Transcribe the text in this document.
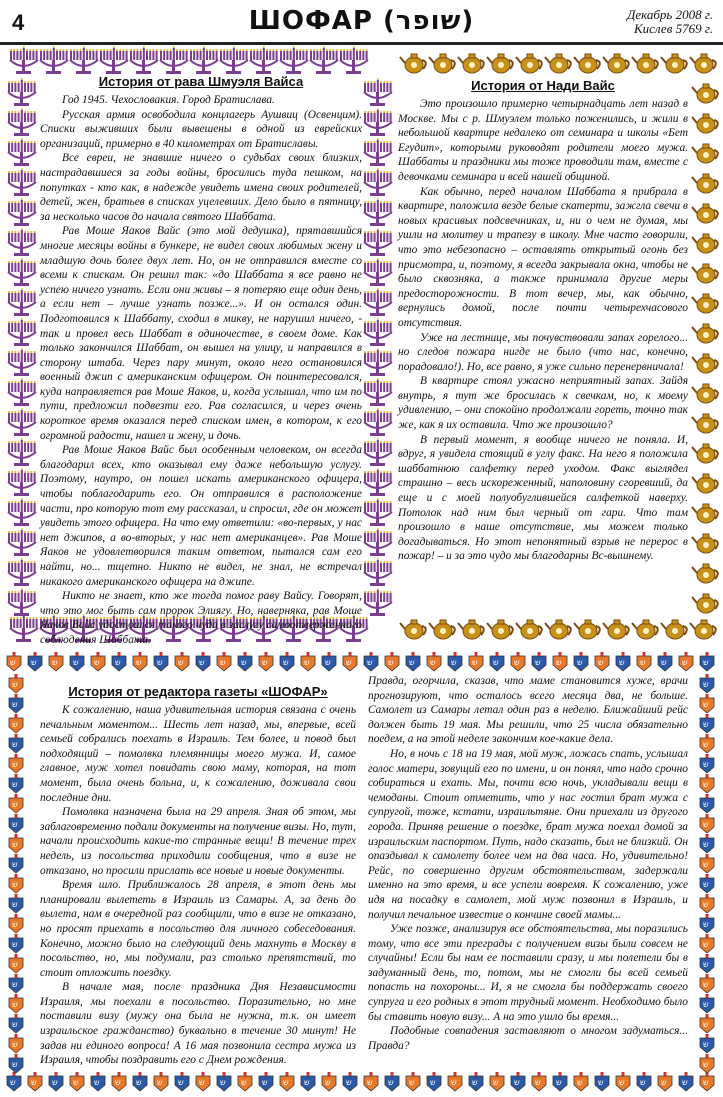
4	ШОФАР (שופר)	Декабрь 2008 г.
Кислев 5769 г.
ש ש ש ש ש ש ש ש ש ש ש ש ש ש ש ש ש ש ש ש ש ש ש ש ש ש ש ש ש ש ש ש ש ש
ש ש ש ש ש ש ש ש ש ש ש ש ש ש ש ש ש ש ש ש ש ש ש ש ש ש ש ש ש ש ש ש ש ש
ש
ש
ש
ש
ש
ש
ש
ש
ש
ש
ש
ש
ש
ש
ש
ש
ש
ש
ש
ש
ש
ש
ש
ש
ש
ש
ש
ש
ש
ש
ש
ש
ש
ש
ש
ש
ש
ש
ש
ש
История от рава Шмуэля Вайса

Год 1945. Чехословакия. Город Братислава.

Русская армия освободила концлагерь Аушвиц (Освенцим). Списки выживших были вывешены в одной из еврейских организаций, примерно в 40 километрах от Братиславы.

Все евреи, не знавшие ничего о судьбах своих близких, настрадавшиеся за годы войны, бросились туда пешком, на попутках - кто как, в надежде увидеть имена своих родителей, детей, жен, братьев в списках уцелевших. Дело было в пятницу, за несколько часов до начала святого Шаббата.

Рав Моше Яаков Вайс (это мой дедушка), прятавшийся многие месяцы войны в бункере, не видел своих любимых жену и младшую дочь более двух лет. Но, он не отправился вместе со всеми к спискам. Он решил так: «до Шаббата я все равно не успею ничего узнать. Если они живы – я потеряю еще один день, а если нет – лучше узнать позже...». И он остался один. Подготовился к Шаббату, сходил в микву, не нарушил ничего, - так и провел весь Шаббат в одиночестве, в своем доме. Как только закончился Шаббат, он вышел на улицу, и направился в сторону штаба. Через пару минут, около него остановился военный джип с американским офицером. Он поинтересовался, куда направляется рав Моше Яаков, и, когда услышал, что им по пути, предложил подвезти его. Рав согласился, и через очень короткое время оказался перед списком имен, в котором, к его огромной радости, нашел и жену, и дочь.

Рав Моше Яаков Вайс был особенным человеком, он всегда благодарил всех, кто оказывал ему даже небольшую услугу. Поэтому, наутро, он пошел искать американского офицера, чтобы поблагодарить его. Он отправился в расположение части, про которую тот ему рассказал, и спросил, где он может увидеть этого офицера. На что ему ответили: «во-первых, у нас нет джипов, а во-вторых, у нас нет американцев». Рав Моше Яаков не удовлетворился таким ответом, пытался сам его найти, но... тщетно. Никто не видел, не знал, не встречал никакого американского офицера на джипе.

Никто не знает, кто же тогда помог раву Вайсу. Говорят, что это мог быть сам пророк Элиягу. Но, наверняка, рав Моше Яаков Вайс удостоился такого чуда в заслугу самоотверженного соблюдения Шаббата.

История от Нади Вайс

Это произошло примерно четырнадцать лет назад в Москве. Мы с р. Шмуэлем только поженились, и жили в небольшой квартире недалеко от семинара и школы «Бет Егудит», которыми руководят родители моего мужа. Шаббаты и праздники мы тоже проводили там, вместе с девочками семинара и всей нашей общиной.

Как обычно, перед началом Шаббата я прибрала в квартире, положила везде белые скатерти, зажгла свечи в новых красивых подсвечниках, и, ни о чем не думая, мы ушли на молитву и трапезу в школу. Мне часто говорили, что это небезопасно – оставлять открытый огонь без присмотра, и, поэтому, я всегда закрывала окна, чтобы не было сквозняка, а также принимала другие меры предосторожности. В тот вечер, мы, как обычно, вернулись домой, после почти четырехчасового отсутствия.

Уже на лестнице, мы почувствовали запах горелого... но следов пожара нигде не было (что нас, конечно, порадовало!). Но, все равно, я уже сильно перенервничала!

В квартире стоял ужасно неприятный запах. Зайдя внутрь, я тут же бросилась к свечкам, но, к моему удивлению, – они спокойно продолжали гореть, точно так же, как я их оставила. Что же произошло?

В первый момент, я вообще ничего не поняла. И, вдруг, я увидела стоящий в углу факс. На него я положила шаббатнюю салфетку перед уходом. Факс выглядел страшно – весь искореженный, наполовину сгоревший, да еще и с моей полуобуглившейся салфеткой наверху. Потолок над ним был черный от гари. Что там произошло в наше отсутствие, мы можем только догадываться. Но этот непонятный взрыв не перерос в пожар! – и за это чудо мы благодарны Вс-вышнему.

История от редактора газеты «ШОФАР»

К сожалению, наша удивительная история связана с очень печальным моментом... Шесть лет назад, мы, впервые, всей семьей собрались поехать в Израиль. Тем более, и повод был подходящий – помолвка племянницы моего мужа. И, самое главное, муж хотел повидать свою маму, которая, на тот момент, была очень больна, и, к сожалению, доживала свои последние дни.

Помолвка назначена была на 29 апреля. Зная об этом, мы заблаговременно подали документы на получение визы. Но, тут, начали происходить какие-то странные вещи! В течение трех недель, из посольства приходили сообщения, что в визе не отказано, но просили прислать все новые и новые документы.

Время шло. Приближалось 28 апреля, в этот день мы планировали вылететь в Израиль из Самары. А, за день до вылета, нам в очередной раз сообщили, что в визе не отказано, но просят приехать в посольство для личного собеседования. Конечно, можно было на следующий день махнуть в Москву в посольство, но, мы подумали, раз столько препятствий, то стоит отложить поездку.

В начале мая, после праздника Дня Независимости Израиля, мы поехали в посольство. Поразительно, но мне поставили визу (мужу она была не нужна, т.к. он имеет израильское гражданство) буквально в течение 30 минут! Не задав ни единого вопроса! А 16 мая позвонила сестра мужа из Израиля, чтобы поздравить его с Днем рождения.

Правда, огорчила, сказав, что маме становится хуже, врачи прогнозируют, что осталось всего месяца два, не больше. Самолет из Самары летал один раз в неделю. Ближайший рейс должен быть 19 мая. Мы решили, что 25 числа обязательно поедем, а на этой неделе закончим кое-какие дела.

Но, в ночь с 18 на 19 мая, мой муж, ложась спать, услышал голос матери, зовущий его по имени, и он понял, что надо срочно собираться и ехать. Мы, почти всю ночь, укладывали вещи в чемоданы. Стоит отметить, что у нас гостил брат мужа с супругой, тоже, кстати, израильтяне. Они приехали из другого города. Приняв решение о поездке, брат мужа поехал домой за израильским паспортом. Путь, надо сказать, был не близкий. Он опаздывал к самолету более чем на два часа. Но, удивительно! Рейс, по совершенно другим обстоятельствам, задержали именно на это время, и все успели вовремя. К сожалению, уже идя на посадку в самолет, мой муж позвонил в Израиль, и получил печальное известие о кончине своей мамы...

Уже позже, анализируя все обстоятельства, мы поразились тому, что все эти преграды с получением визы были совсем не случайны! Если бы нам ее поставили сразу, и мы полетели бы в задуманный день, то, потом, мы не смогли бы всей семьей попасть на похороны... И, я не смогла бы поддержать своего супруга и его родных в этот трудный момент. Необходимо было бы ставить новую визу... А на это ушло бы время...

Подобные совпадения заставляют о многом задуматься... Правда?
